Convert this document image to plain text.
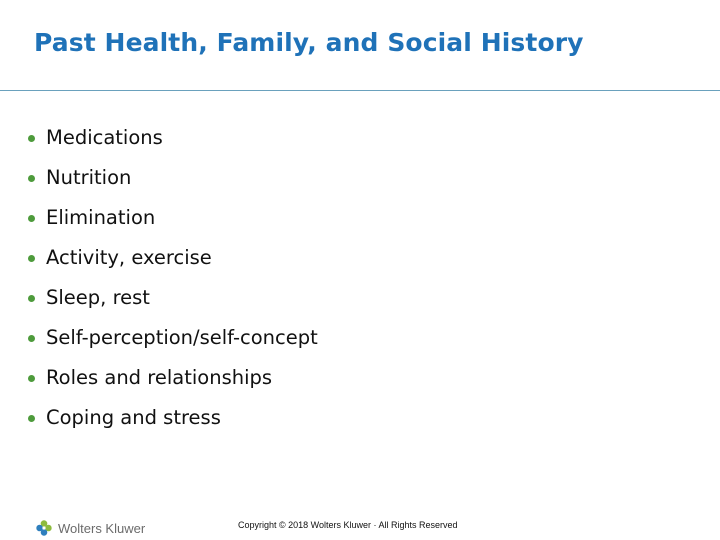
Past Health, Family, and Social History
Medications
Nutrition
Elimination
Activity, exercise
Sleep, rest
Self-perception/self-concept
Roles and relationships
Coping and stress
Wolters Kluwer	Copyright © 2018 Wolters Kluwer · All Rights Reserved
